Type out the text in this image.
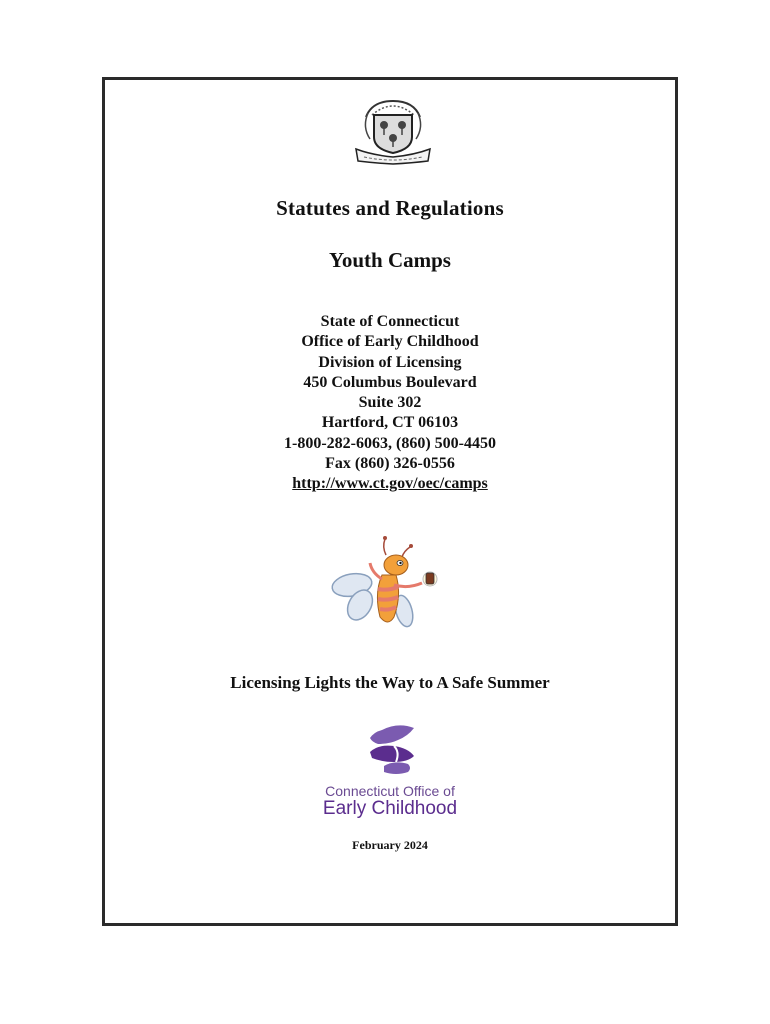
Statutes and Regulations
Youth Camps
State of Connecticut
Office of Early Childhood
Division of Licensing
450 Columbus Boulevard
Suite 302
Hartford, CT 06103
1-800-282-6063, (860) 500-4450
Fax (860) 326-0556
http://www.ct.gov/oec/camps
Licensing Lights the Way to A Safe Summer
Connecticut Office of
Early Childhood
February 2024
